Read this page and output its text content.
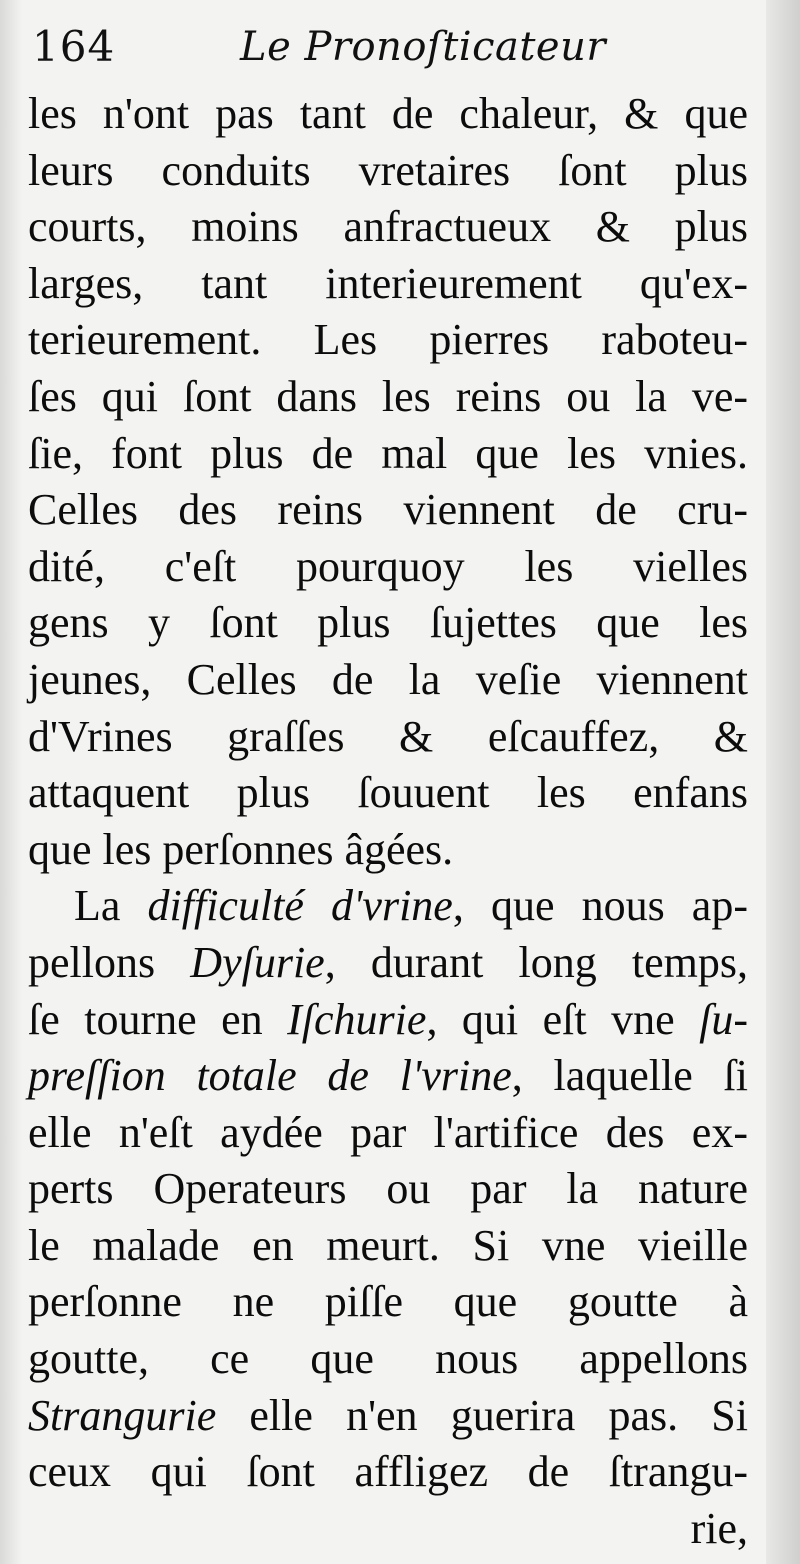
164	Le Pronoſticateur
les n'ont pas tant de chaleur, & que
leurs conduits vretaires ſont plus
courts, moins anfractueux & plus
larges, tant interieurement qu'ex-
terieurement. Les pierres raboteu-
ſes qui ſont dans les reins ou la ve-
ſie, font plus de mal que les vnies.
Celles des reins viennent de cru-
dité, c'eſt pourquoy les vielles
gens y ſont plus ſujettes que les
jeunes, Celles de la veſie viennent
d'Vrines graſſes & eſcauffez, &
attaquent plus ſouuent les enfans
que les perſonnes âgées.
La difficulté d'vrine, que nous ap-
pellons Dyſurie, durant long temps,
ſe tourne en Iſchurie, qui eſt vne ſu-
preſſion totale de l'vrine, laquelle ſi
elle n'eſt aydée par l'artifice des ex-
perts Operateurs ou par la nature
le malade en meurt. Si vne vieille
perſonne ne piſſe que goutte à
goutte, ce que nous appellons
Strangurie elle n'en guerira pas. Si
ceux qui ſont affligez de ſtrangu-
rie,
